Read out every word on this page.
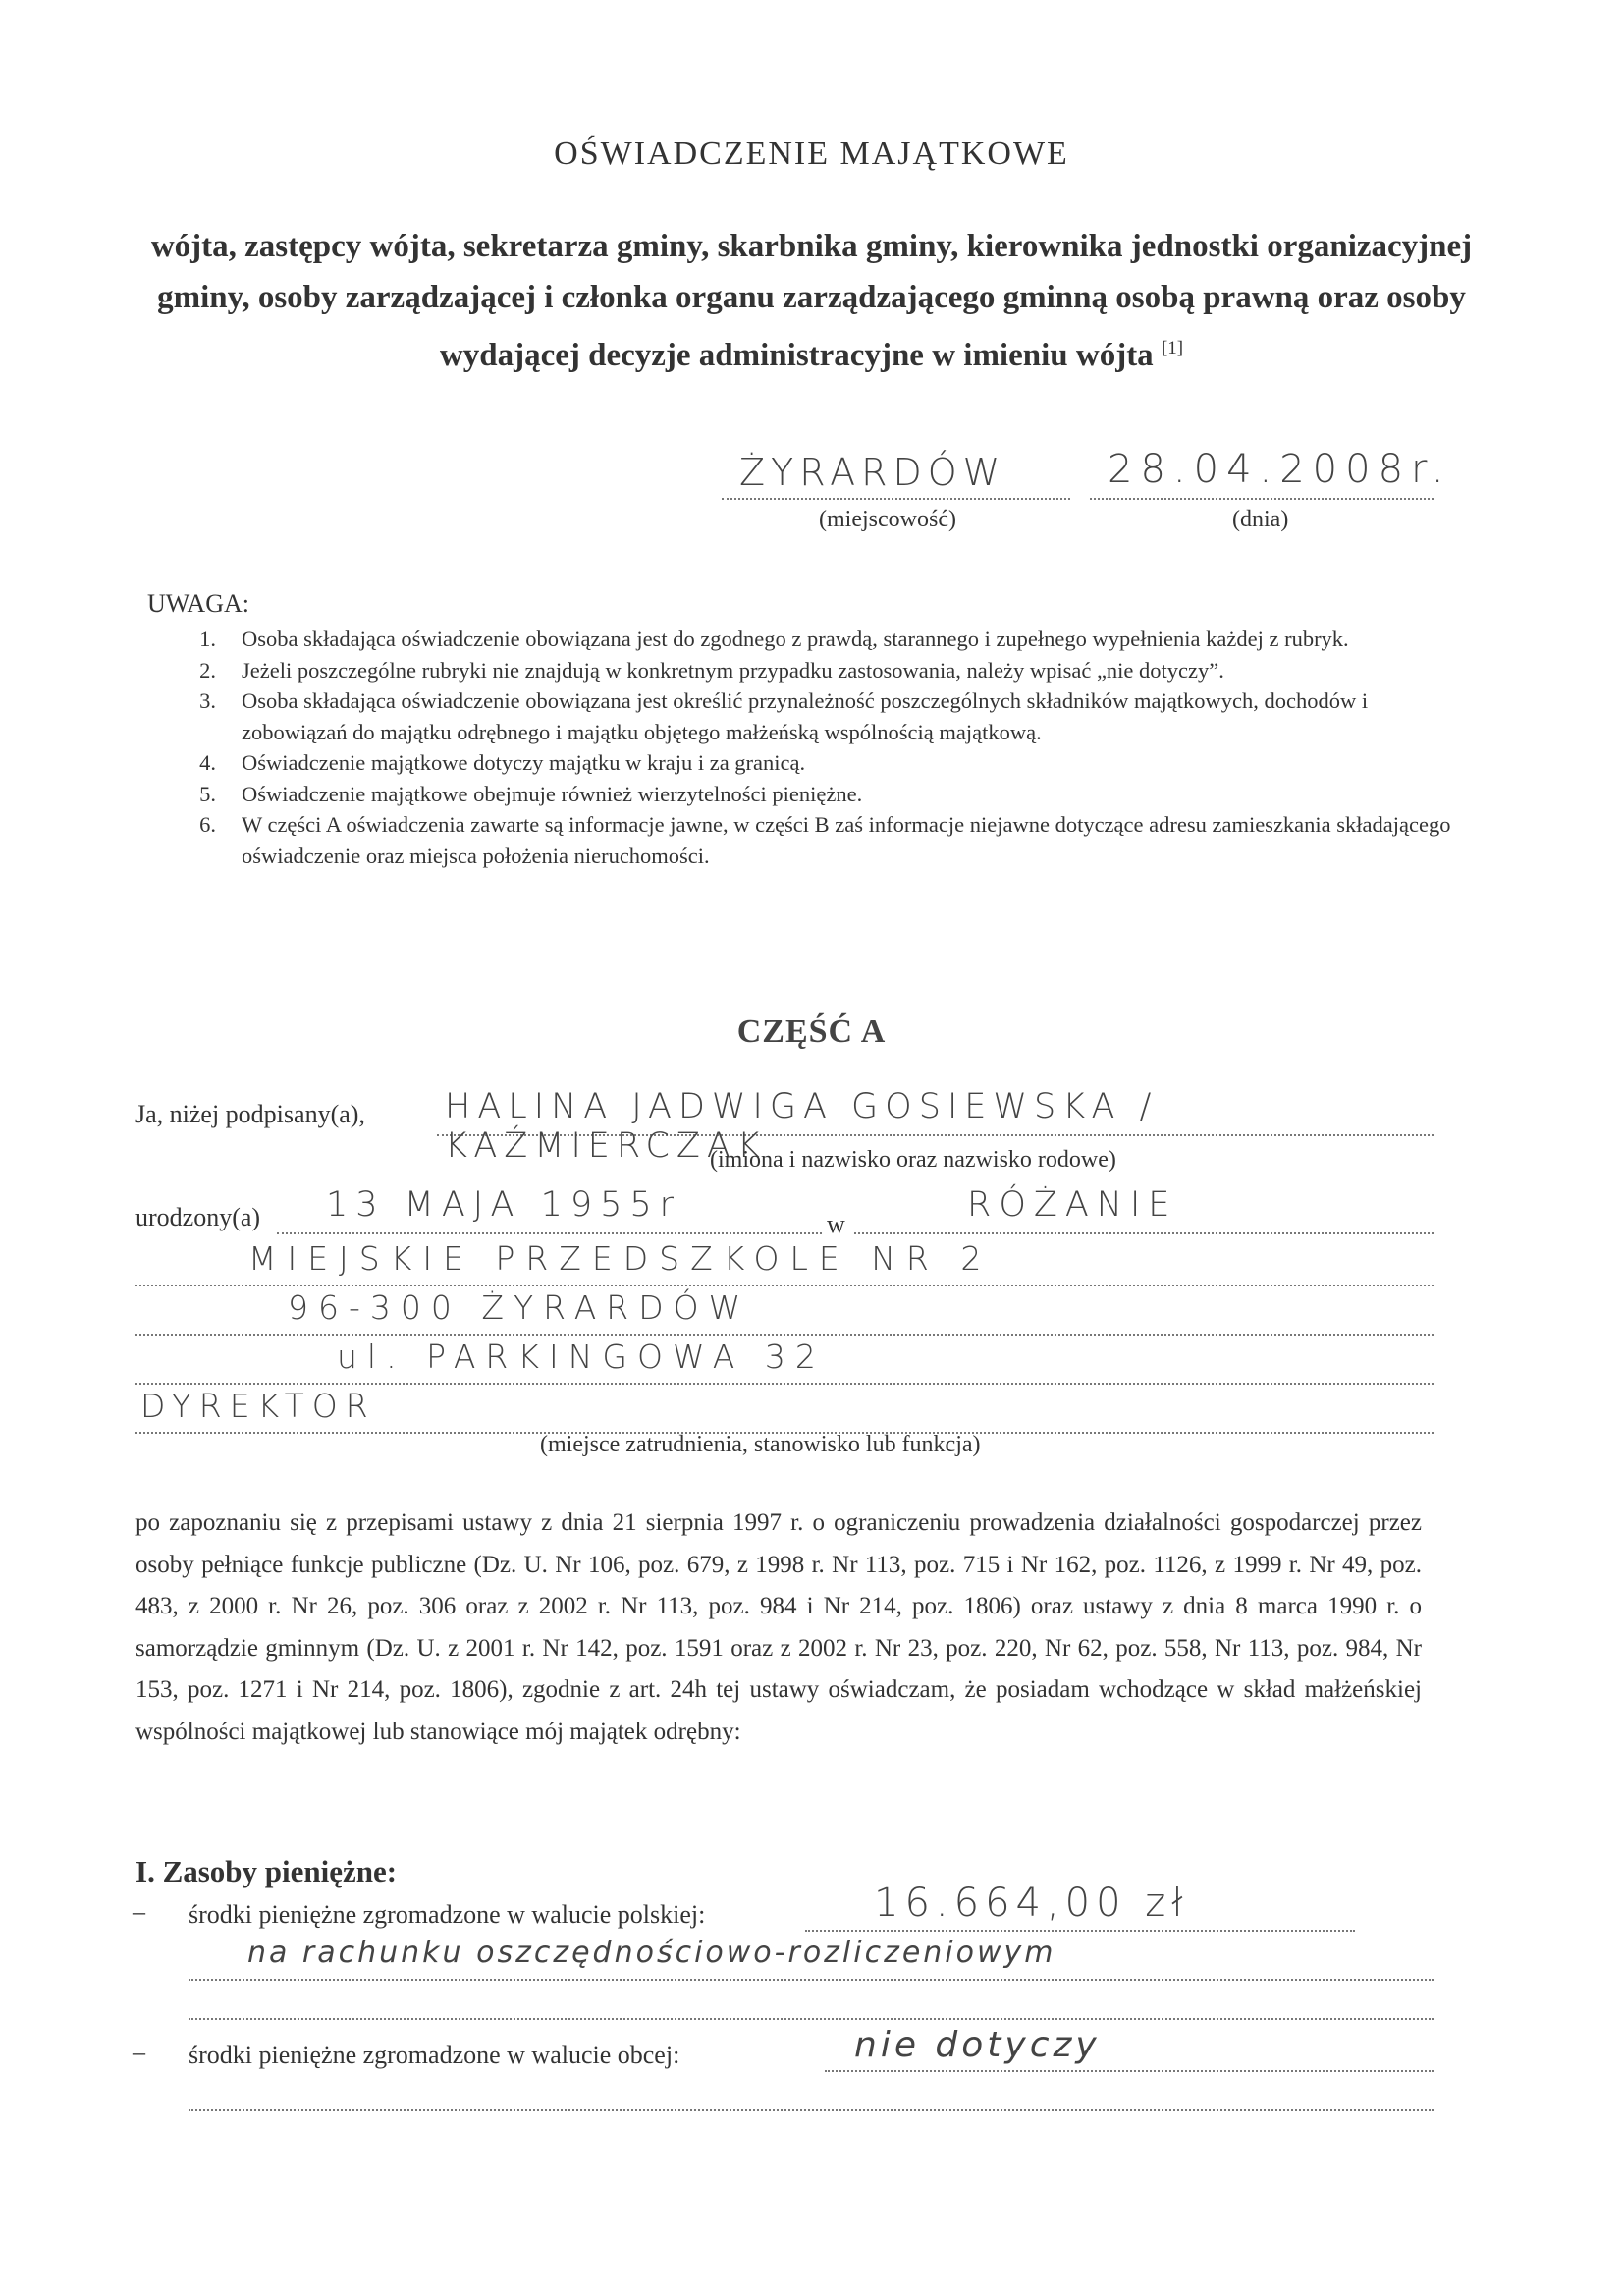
OŚWIADCZENIE MAJĄTKOWE
wójta, zastępcy wójta, sekretarza gminy, skarbnika gminy, kierownika jednostki organizacyjnej gminy, osoby zarządzającej i członka organu zarządzającego gminną osobą prawną oraz osoby wydającej decyzje administracyjne w imieniu wójta [1]
ŻYRARDÓW
(miejscowość)
28.04.2008r.
(dnia)
UWAGA:
1. Osoba składająca oświadczenie obowiązana jest do zgodnego z prawdą, starannego i zupełnego wypełnienia każdej z rubryk.
2. Jeżeli poszczególne rubryki nie znajdują w konkretnym przypadku zastosowania, należy wpisać „nie dotyczy”.
3. Osoba składająca oświadczenie obowiązana jest określić przynależność poszczególnych składników majątkowych, dochodów i zobowiązań do majątku odrębnego i majątku objętego małżeńską wspólnością majątkową.
4. Oświadczenie majątkowe dotyczy majątku w kraju i za granicą.
5. Oświadczenie majątkowe obejmuje również wierzytelności pieniężne.
6. W części A oświadczenia zawarte są informacje jawne, w części B zaś informacje niejawne dotyczące adresu zamieszkania składającego oświadczenie oraz miejsca położenia nieruchomości.
CZĘŚĆ A
Ja, niżej podpisany(a), HALINA JADWIGA GOSIEWSKA / KAŹMIERCZAK
(imiona i nazwisko oraz nazwisko rodowe)
urodzony(a) 13 MAJA 1955r	w	RÓŻANIE
MIEJSKIE PRZEDSZKOLE NR 2
96-300 ŻYRARDÓW
ul. PARKINGOWA 32
DYREKTOR
(miejsce zatrudnienia, stanowisko lub funkcja)
po zapoznaniu się z przepisami ustawy z dnia 21 sierpnia 1997 r. o ograniczeniu prowadzenia działalności gospodarczej przez osoby pełniące funkcje publiczne (Dz. U. Nr 106, poz. 679, z 1998 r. Nr 113, poz. 715 i Nr 162, poz. 1126, z 1999 r. Nr 49, poz. 483, z 2000 r. Nr 26, poz. 306 oraz z 2002 r. Nr 113, poz. 984 i Nr 214, poz. 1806) oraz ustawy z dnia 8 marca 1990 r. o samorządzie gminnym (Dz. U. z 2001 r. Nr 142, poz. 1591 oraz z 2002 r. Nr 23, poz. 220, Nr 62, poz. 558, Nr 113, poz. 984, Nr 153, poz. 1271 i Nr 214, poz. 1806), zgodnie z art. 24h tej ustawy oświadczam, że posiadam wchodzące w skład małżeńskiej wspólności majątkowej lub stanowiące mój majątek odrębny:
I. Zasoby pieniężne:
– środki pieniężne zgromadzone w walucie polskiej:	16.664,00 zł
na rachunku oszczędnościowo-rozliczeniowym
– środki pieniężne zgromadzone w walucie obcej:	nie dotyczy
